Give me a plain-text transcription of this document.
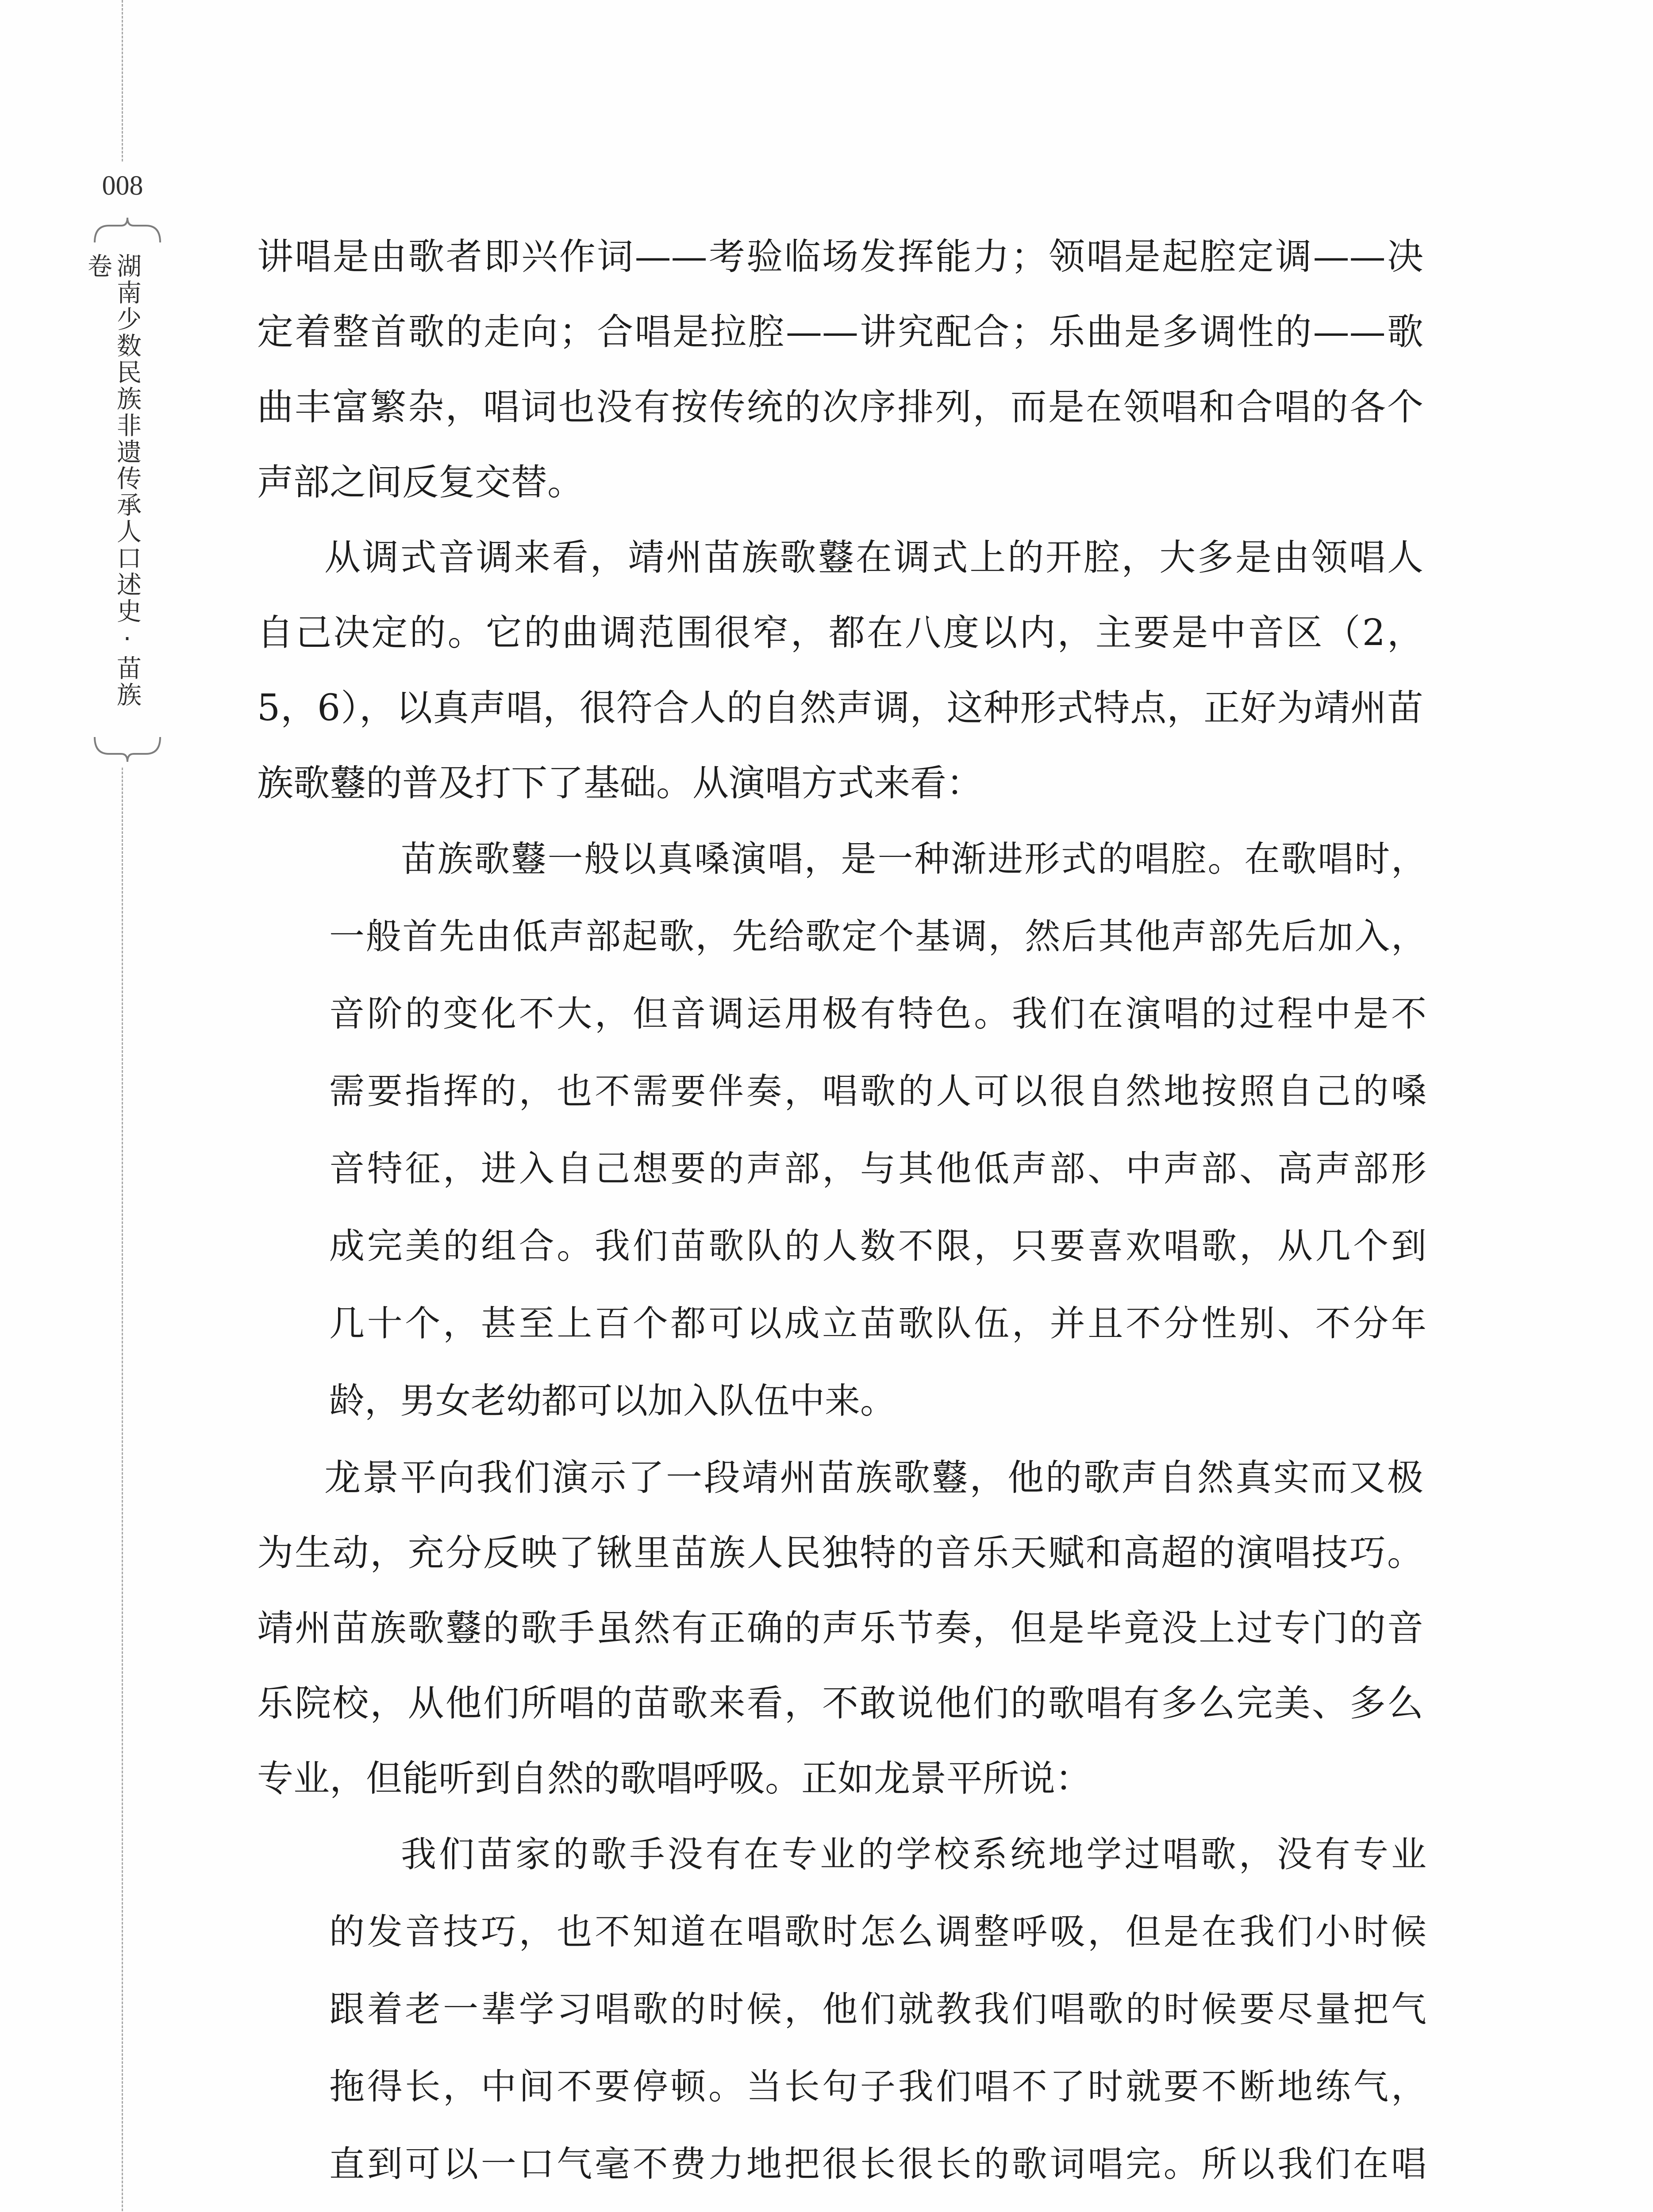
008
湖南少数民族非遗传承人口述史·苗族卷	讲唱是由歌者即兴作词——考验临场发挥能力；领唱是起腔定调——决
定着整首歌的走向；合唱是拉腔——讲究配合；乐曲是多调性的——歌
曲丰富繁杂，唱词也没有按传统的次序排列，而是在领唱和合唱的各个
声部之间反复交替。
从调式音调来看，靖州苗族歌鼟在调式上的开腔，大多是由领唱人
自己决定的。它的曲调范围很窄，都在八度以内，主要是中音区（2，
5，6），以真声唱，很符合人的自然声调，这种形式特点，正好为靖州苗
族歌鼟的普及打下了基础。从演唱方式来看：
苗族歌鼟一般以真嗓演唱，是一种渐进形式的唱腔。在歌唱时，
一般首先由低声部起歌，先给歌定个基调，然后其他声部先后加入，
音阶的变化不大，但音调运用极有特色。我们在演唱的过程中是不
需要指挥的，也不需要伴奏，唱歌的人可以很自然地按照自己的嗓
音特征，进入自己想要的声部，与其他低声部、中声部、高声部形
成完美的组合。我们苗歌队的人数不限，只要喜欢唱歌，从几个到
几十个，甚至上百个都可以成立苗歌队伍，并且不分性别、不分年
龄，男女老幼都可以加入队伍中来。
龙景平向我们演示了一段靖州苗族歌鼟，他的歌声自然真实而又极
为生动，充分反映了锹里苗族人民独特的音乐天赋和高超的演唱技巧。
靖州苗族歌鼟的歌手虽然有正确的声乐节奏，但是毕竟没上过专门的音
乐院校，从他们所唱的苗歌来看，不敢说他们的歌唱有多么完美、多么
专业，但能听到自然的歌唱呼吸。正如龙景平所说：
我们苗家的歌手没有在专业的学校系统地学过唱歌，没有专业
的发音技巧，也不知道在唱歌时怎么调整呼吸，但是在我们小时候
跟着老一辈学习唱歌的时候，他们就教我们唱歌的时候要尽量把气
拖得长，中间不要停顿。当长句子我们唱不了时就要不断地练气，
直到可以一口气毫不费力地把很长很长的歌词唱完。所以我们在唱
